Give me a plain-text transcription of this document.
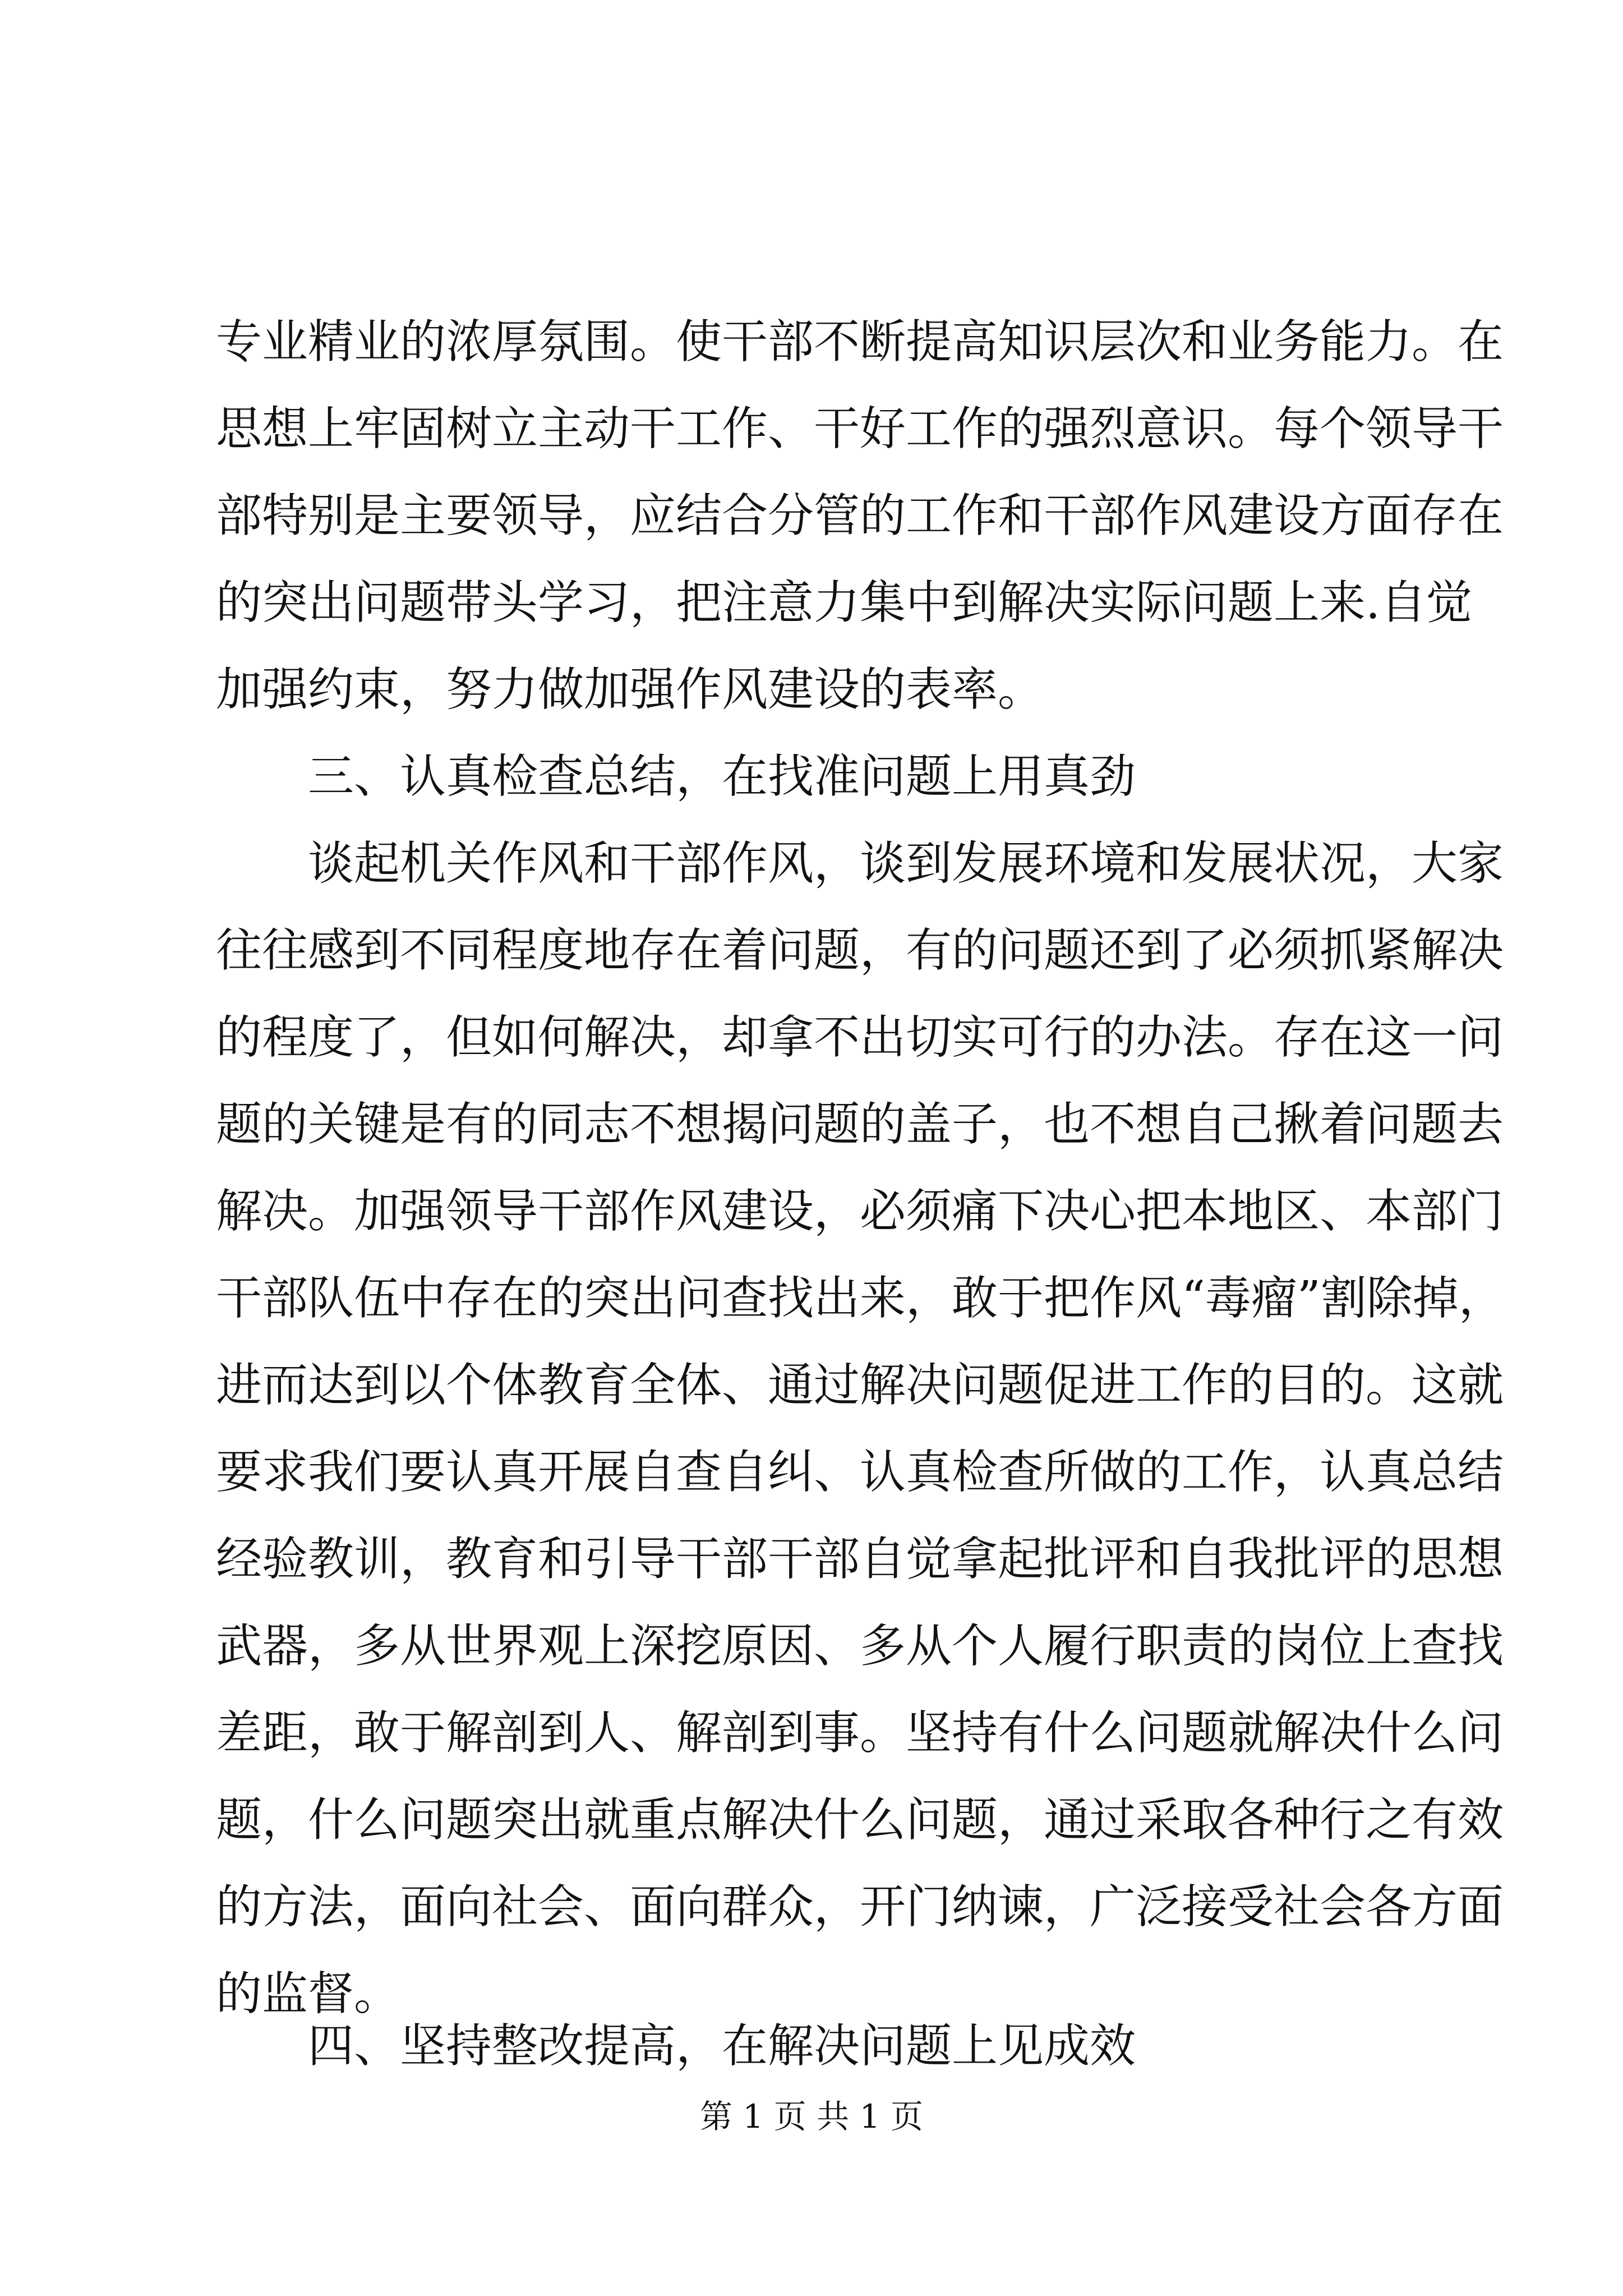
专业精业的浓厚氛围。使干部不断提高知识层次和业务能力。在
思想上牢固树立主动干工作、干好工作的强烈意识。每个领导干
部特别是主要领导，应结合分管的工作和干部作风建设方面存在
的突出问题带头学习，把注意力集中到解决实际问题上来.自觉
加强约束，努力做加强作风建设的表率。
三、认真检查总结，在找准问题上用真劲
谈起机关作风和干部作风，谈到发展环境和发展状况，大家
往往感到不同程度地存在着问题，有的问题还到了必须抓紧解决
的程度了，但如何解决，却拿不出切实可行的办法。存在这一问
题的关键是有的同志不想揭问题的盖子，也不想自己揪着问题去
解决。加强领导干部作风建设，必须痛下决心把本地区、本部门
干部队伍中存在的突出问查找出来，敢于把作风“毒瘤”割除掉，
进而达到以个体教育全体、通过解决问题促进工作的目的。这就
要求我们要认真开展自查自纠、认真检查所做的工作，认真总结
经验教训，教育和引导干部干部自觉拿起批评和自我批评的思想
武器，多从世界观上深挖原因、多从个人履行职责的岗位上查找
差距，敢于解剖到人、解剖到事。坚持有什么问题就解决什么问
题，什么问题突出就重点解决什么问题，通过采取各种行之有效
的方法，面向社会、面向群众，开门纳谏，广泛接受社会各方面
的监督。
四、坚持整改提高，在解决问题上见成效
第 1 页 共 1 页
